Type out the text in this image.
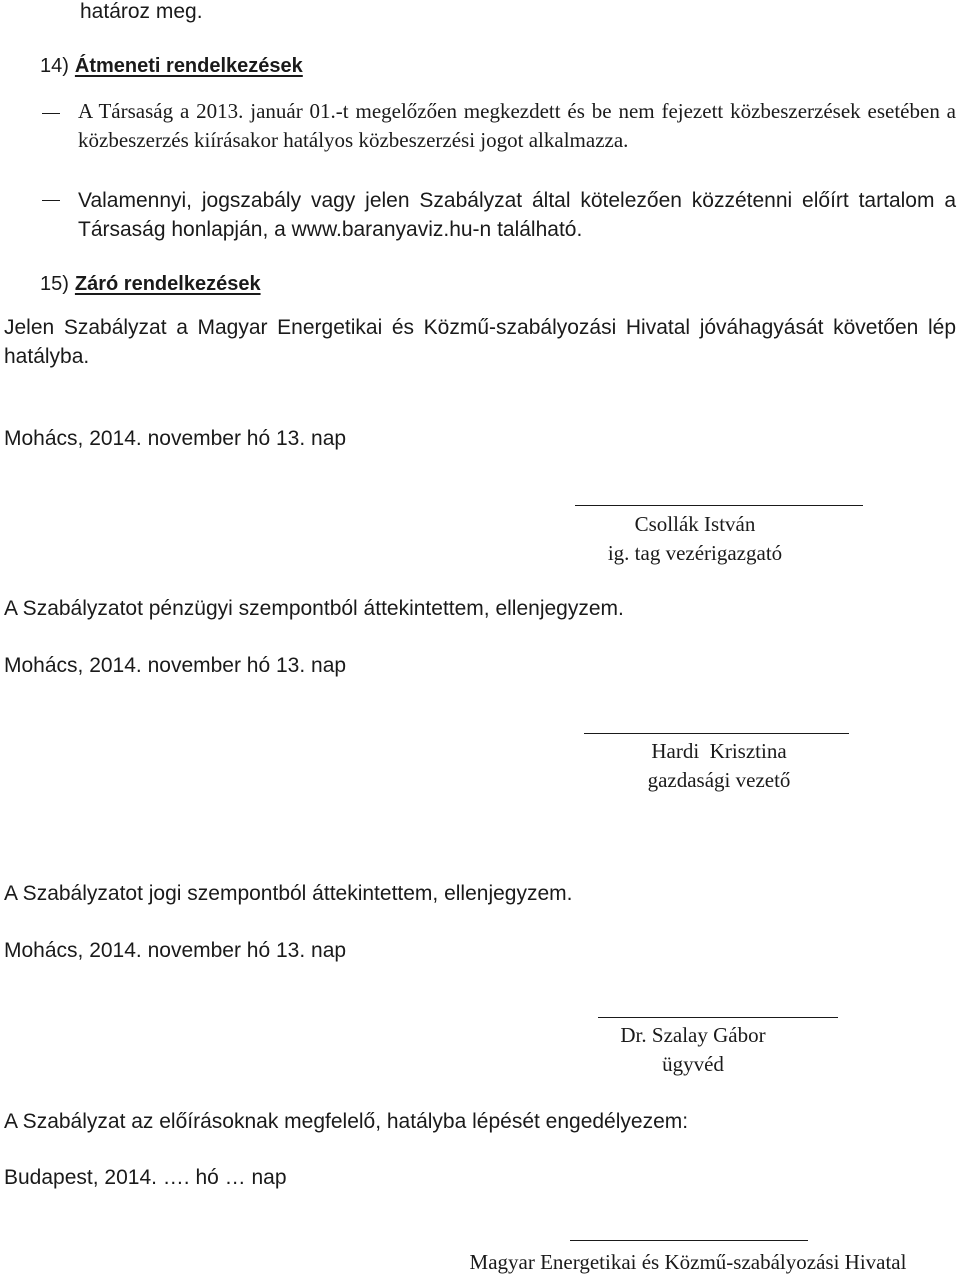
határoz meg.
14) Átmeneti rendelkezések
A Társaság a 2013. január 01.-t megelőzően megkezdett és be nem fejezett közbeszerzések esetében a közbeszerzés kiírásakor hatályos közbeszerzési jogot alkalmazza.
Valamennyi, jogszabály vagy jelen Szabályzat által kötelezően közzétenni előírt tartalom a Társaság honlapján, a www.baranyaviz.hu-n található.
15) Záró rendelkezések
Jelen Szabályzat a Magyar Energetikai és Közmű-szabályozási Hivatal jóváhagyását követően lép hatályba.
Mohács, 2014. november hó 13. nap
Csollák István
ig. tag vezérigazgató
A Szabályzatot pénzügyi szempontból áttekintettem, ellenjegyzem.
Mohács, 2014. november hó 13. nap
Hardi  Krisztina
gazdasági vezető
A Szabályzatot jogi szempontból áttekintettem, ellenjegyzem.
Mohács, 2014. november hó 13. nap
Dr. Szalay Gábor
ügyvéd
A Szabályzat az előírásoknak megfelelő, hatályba lépését engedélyezem:
Budapest, 2014. …. hó … nap
Magyar Energetikai és Közmű-szabályozási Hivatal
